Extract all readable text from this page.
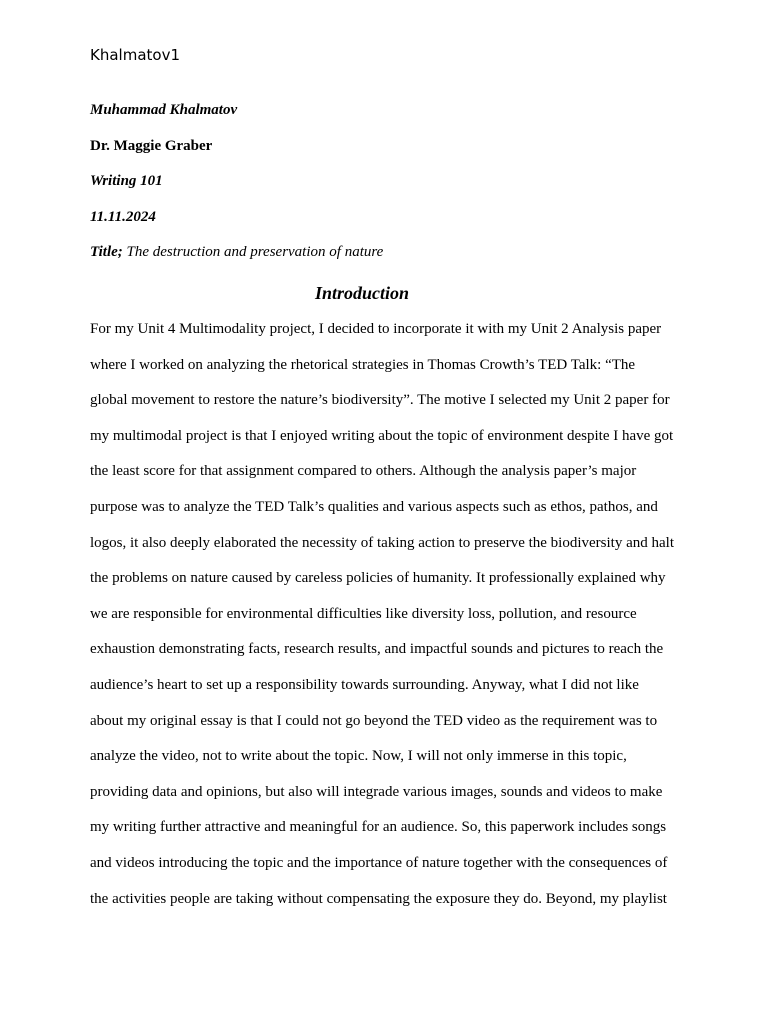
Khalmatov1
Muhammad Khalmatov
Dr. Maggie Graber
Writing 101
11.11.2024
Title; The destruction and preservation of nature
Introduction
For my Unit 4 Multimodality project, I decided to incorporate it with my Unit 2 Analysis paper
where I worked on analyzing the rhetorical strategies in Thomas Crowth’s TED Talk: “The
global movement to restore the nature’s biodiversity”. The motive I selected my Unit 2 paper for
my multimodal project is that I enjoyed writing about the topic of environment despite I have got
the least score for that assignment compared to others. Although the analysis paper’s major
purpose was to analyze the TED Talk’s qualities and various aspects such as ethos, pathos, and
logos, it also deeply elaborated the necessity of taking action to preserve the biodiversity and halt
the problems on nature caused by careless policies of humanity. It professionally explained why
we are responsible for environmental difficulties like diversity loss, pollution, and resource
exhaustion demonstrating facts, research results, and impactful sounds and pictures to reach the
audience’s heart to set up a responsibility towards surrounding. Anyway, what I did not like
about my original essay is that I could not go beyond the TED video as the requirement was to
analyze the video, not to write about the topic. Now, I will not only immerse in this topic,
providing data and opinions, but also will integrade various images, sounds and videos to make
my writing further attractive and meaningful for an audience. So, this paperwork includes songs
and videos introducing the topic and the importance of nature together with the consequences of
the activities people are taking without compensating the exposure they do. Beyond, my playlist
